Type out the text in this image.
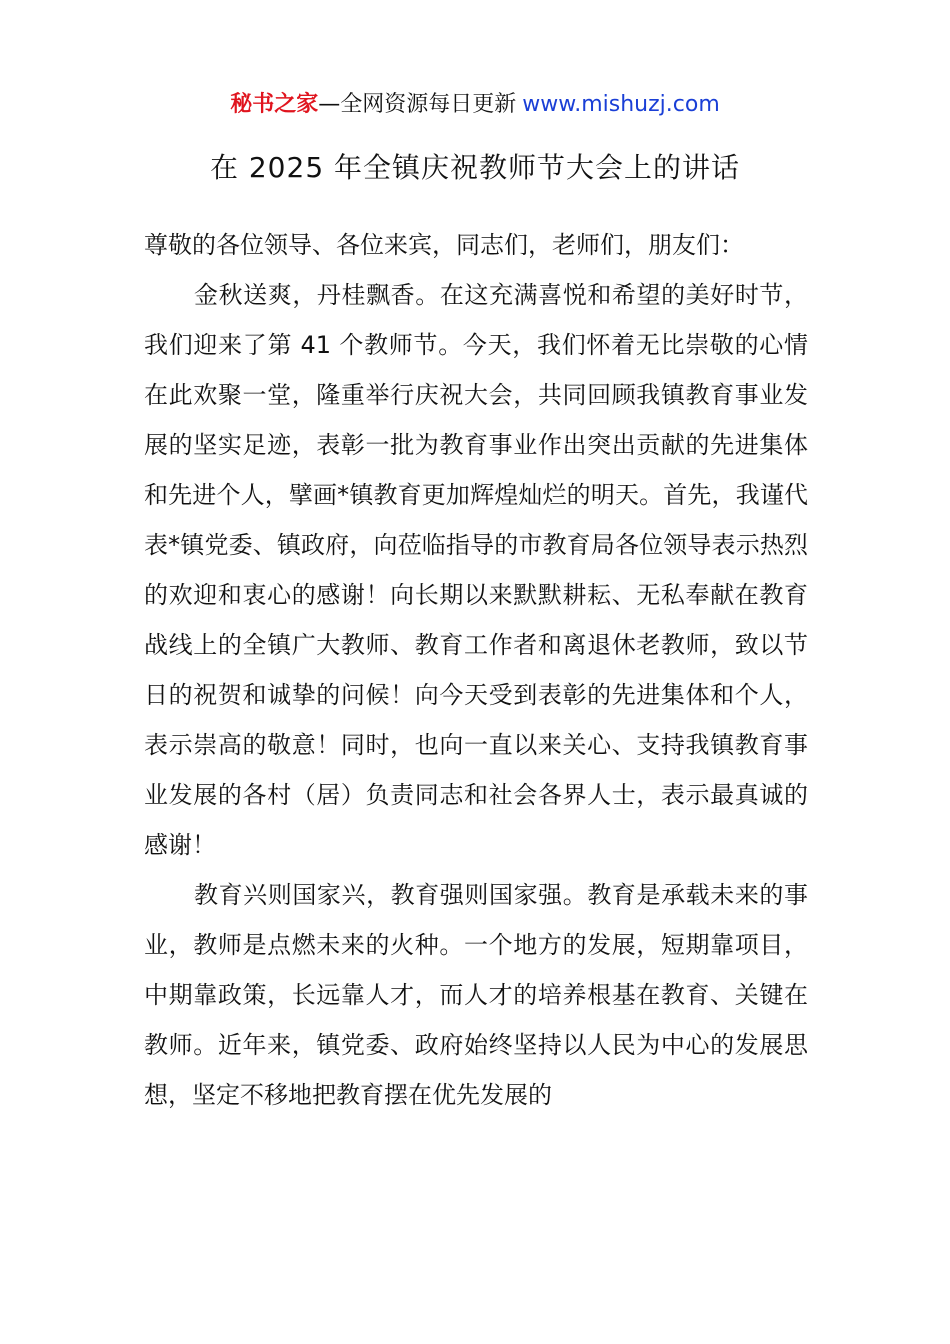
秘书之家—全网资源每日更新 www.mishuzj.com
在 2025 年全镇庆祝教师节大会上的讲话

尊敬的各位领导、各位来宾，同志们，老师们，朋友们：

金秋送爽，丹桂飘香。在这充满喜悦和希望的美好时节，我们迎来了第 41 个教师节。今天，我们怀着无比崇敬的心情在此欢聚一堂，隆重举行庆祝大会，共同回顾我镇教育事业发展的坚实足迹，表彰一批为教育事业作出突出贡献的先进集体和先进个人，擘画*镇教育更加辉煌灿烂的明天。首先，我谨代表*镇党委、镇政府，向莅临指导的市教育局各位领导表示热烈的欢迎和衷心的感谢！向长期以来默默耕耘、无私奉献在教育战线上的全镇广大教师、教育工作者和离退休老教师，致以节日的祝贺和诚挚的问候！向今天受到表彰的先进集体和个人，表示崇高的敬意！同时，也向一直以来关心、支持我镇教育事业发展的各村（居）负责同志和社会各界人士，表示最真诚的感谢！

教育兴则国家兴，教育强则国家强。教育是承载未来的事业，教师是点燃未来的火种。一个地方的发展，短期靠项目，中期靠政策，长远靠人才，而人才的培养根基在教育、关键在教师。近年来，镇党委、政府始终坚持以人民为中心的发展思想，坚定不移地把教育摆在优先发展的
